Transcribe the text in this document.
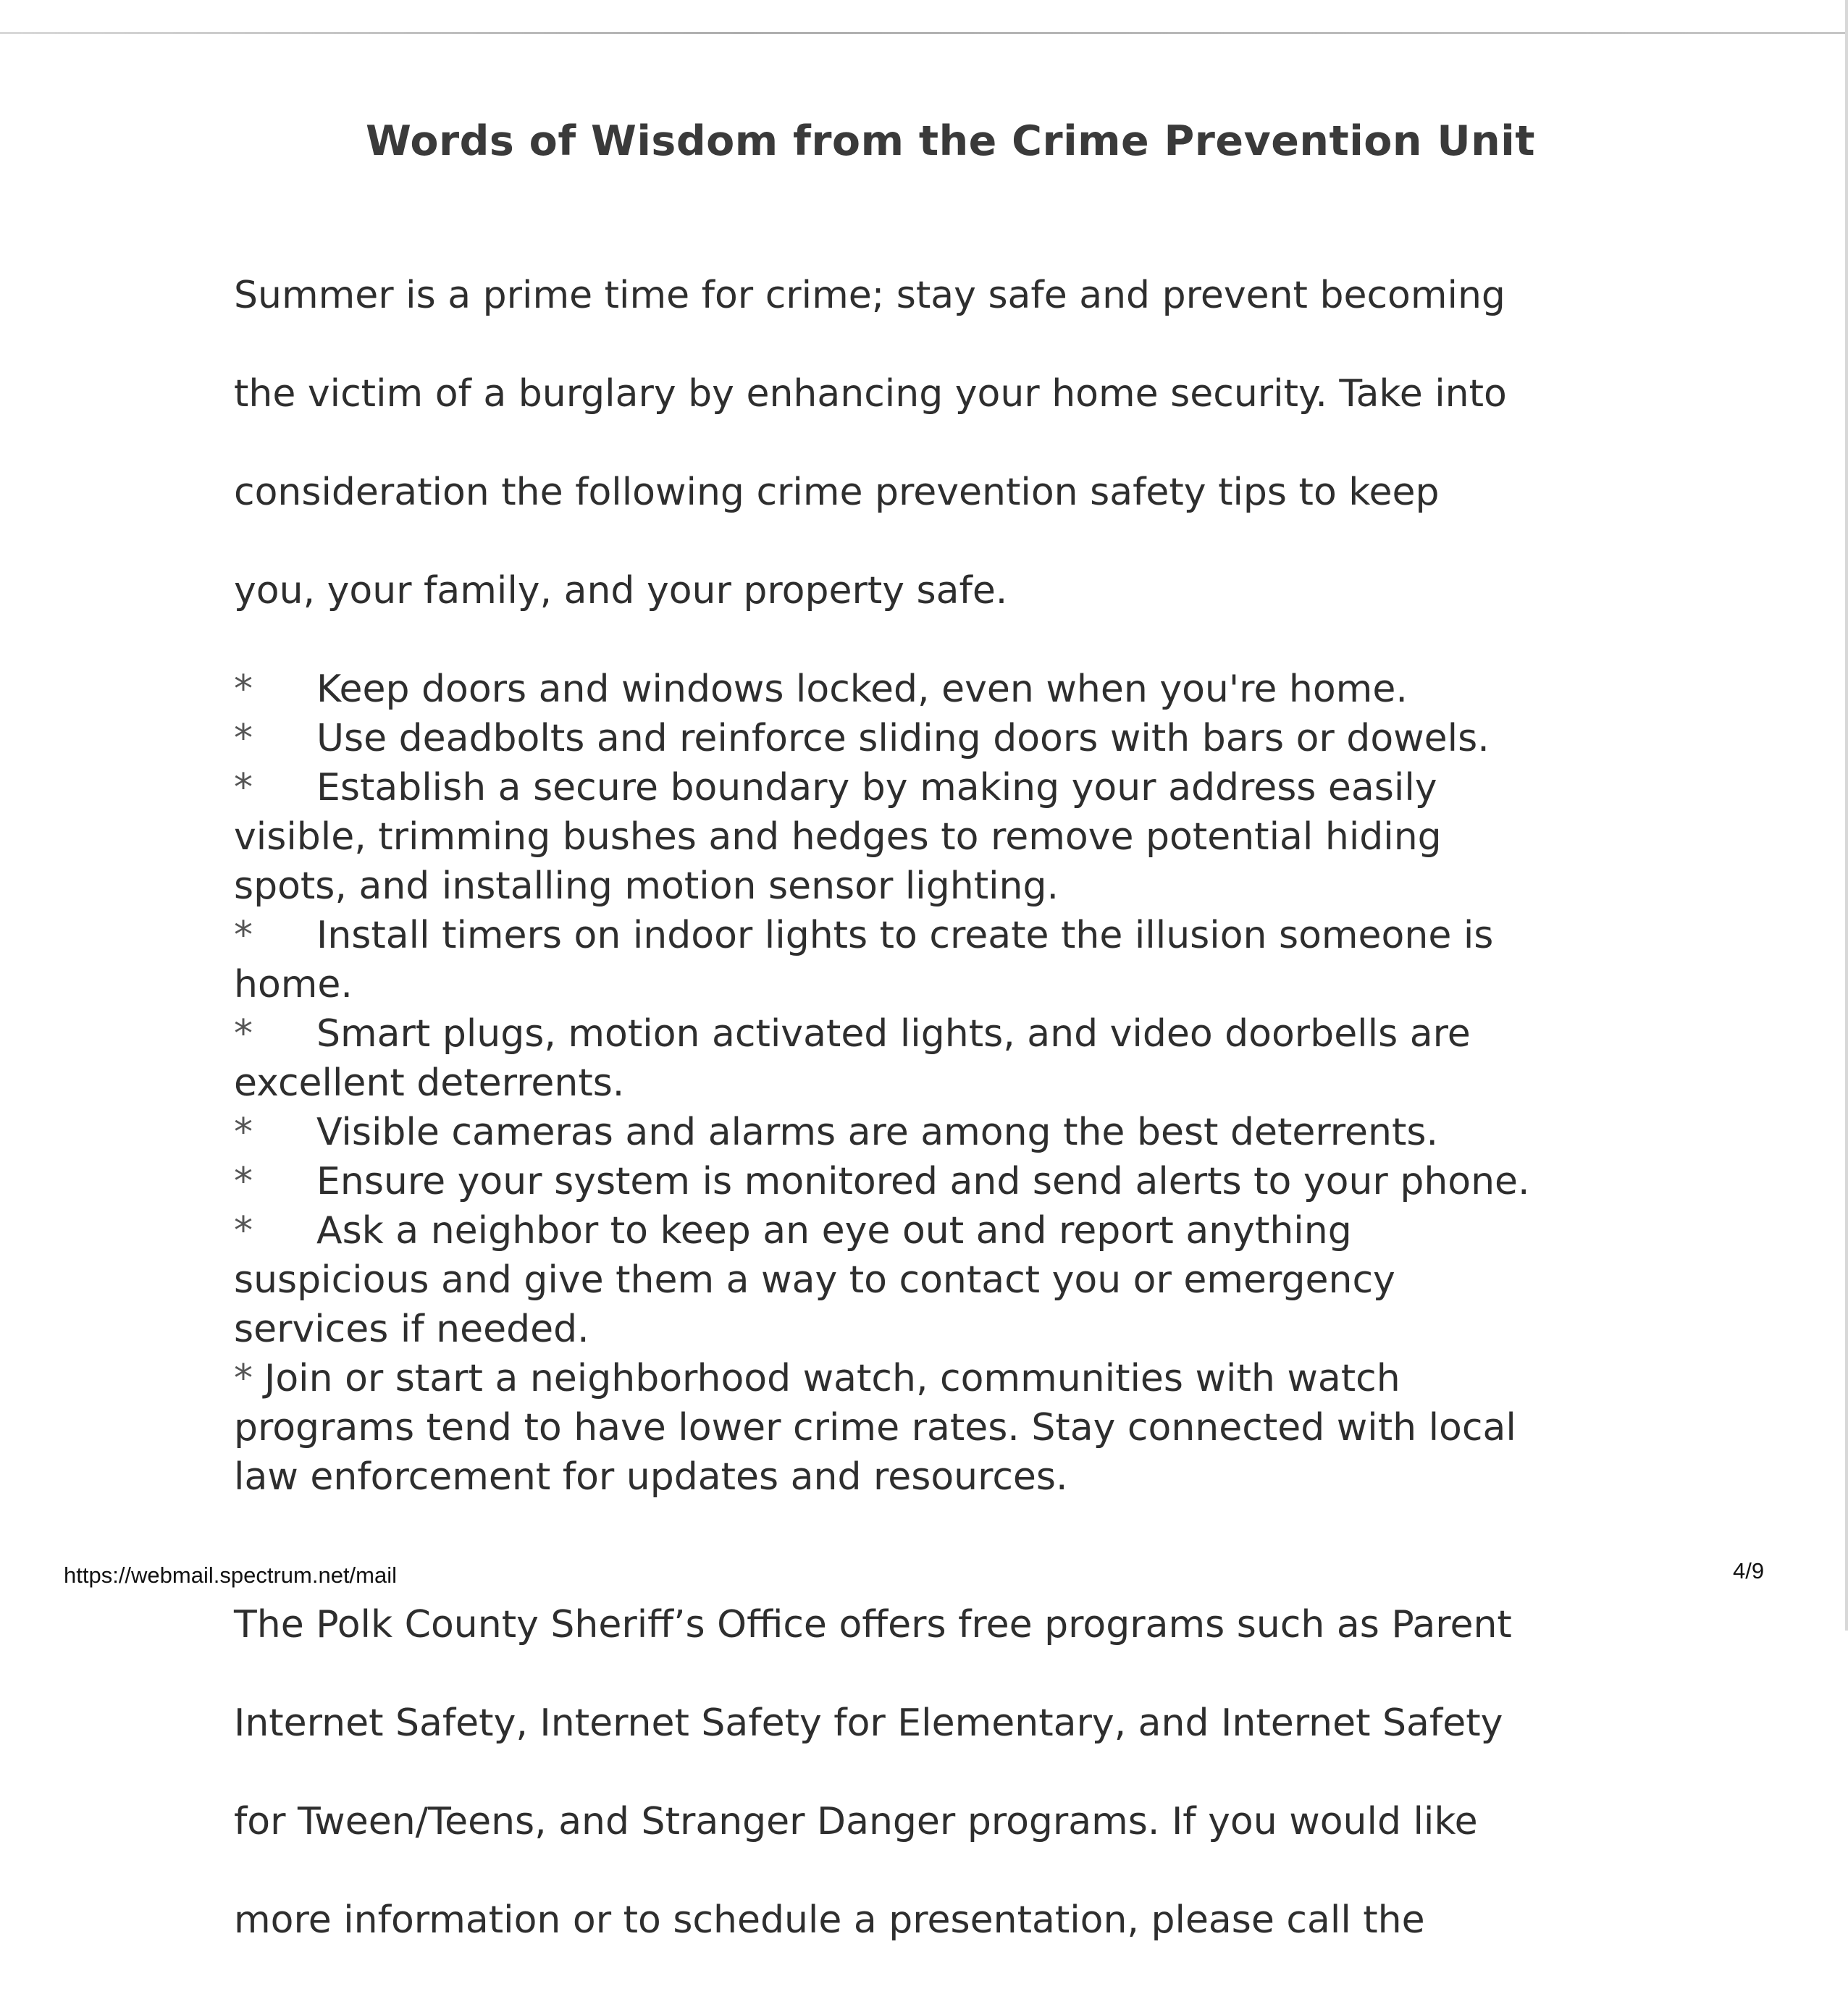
Words of Wisdom from the Crime Prevention Unit

Summer is a prime time for crime; stay safe and prevent becoming

the victim of a burglary by enhancing your home security. Take into

consideration the following crime prevention safety tips to keep

you, your family, and your property safe.

* Keep doors and windows locked, even when you're home.
* Use deadbolts and reinforce sliding doors with bars or dowels.
* Establish a secure boundary by making your address easily
visible, trimming bushes and hedges to remove potential hiding
spots, and installing motion sensor lighting.
* Install timers on indoor lights to create the illusion someone is
home.
* Smart plugs, motion activated lights, and video doorbells are
excellent deterrents.
* Visible cameras and alarms are among the best deterrents.
* Ensure your system is monitored and send alerts to your phone.
* Ask a neighbor to keep an eye out and report anything
suspicious and give them a way to contact you or emergency
services if needed.
* Join or start a neighborhood watch, communities with watch
programs tend to have lower crime rates. Stay connected with local
law enforcement for updates and resources.

The Polk County Sheriff’s Office offers free programs such as Parent

Internet Safety, Internet Safety for Elementary, and Internet Safety

for Tween/Teens, and Stranger Danger programs. If you would like

more information or to schedule a presentation, please call the

https://webmail.spectrum.net/mail	4/9
